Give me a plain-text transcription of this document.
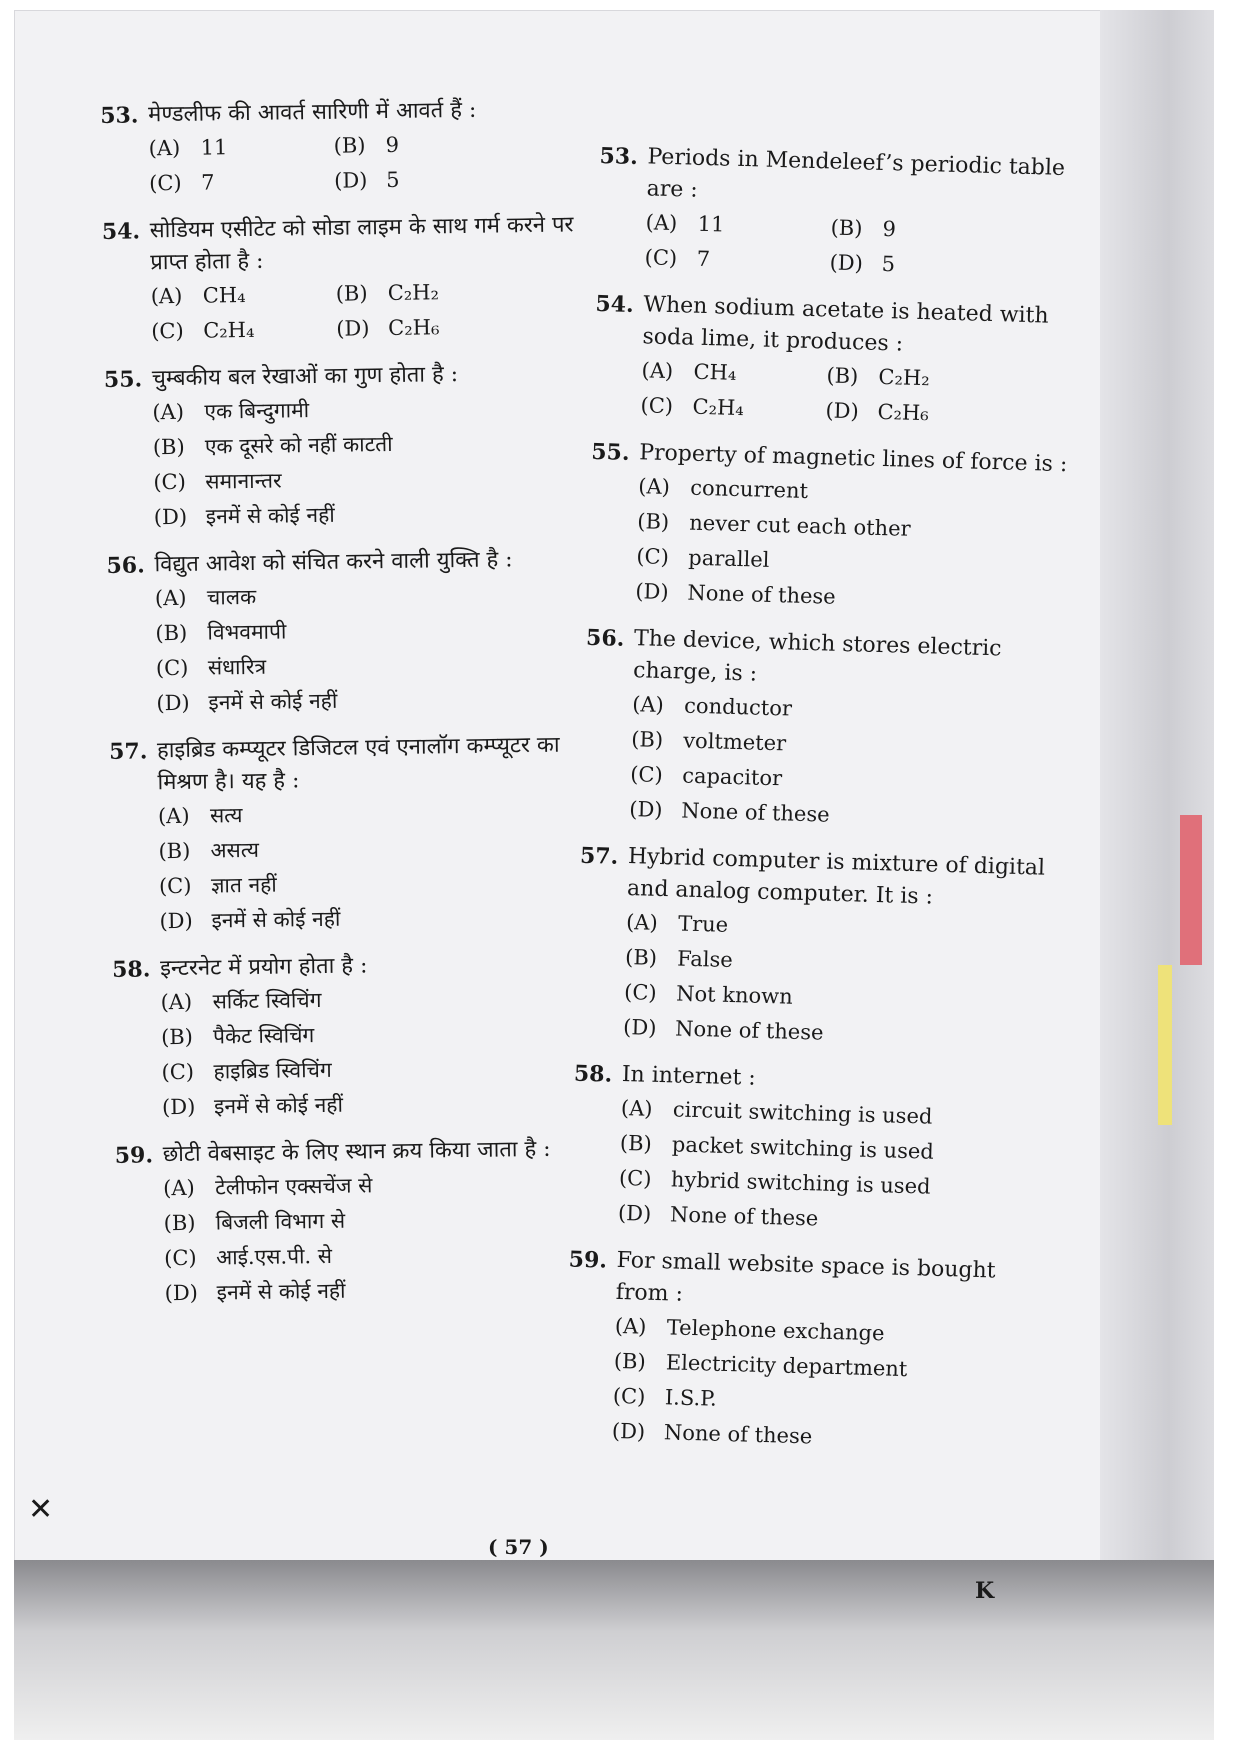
53. मेण्डलीफ की आवर्त सारिणी में आवर्त हैं :
(A) 11	(B) 9
(C) 7	(D) 5
54. सोडियम एसीटेट को सोडा लाइम के साथ गर्म करने पर प्राप्त होता है :
(A) CH₄	(B) C₂H₂
(C) C₂H₄	(D) C₂H₆
55. चुम्बकीय बल रेखाओं का गुण होता है :
(A) एक बिन्दुगामी
(B) एक दूसरे को नहीं काटती
(C) समानान्तर
(D) इनमें से कोई नहीं
56. विद्युत आवेश को संचित करने वाली युक्ति है :
(A) चालक
(B) विभवमापी
(C) संधारित्र
(D) इनमें से कोई नहीं
57. हाइब्रिड कम्प्यूटर डिजिटल एवं एनालॉग कम्प्यूटर का मिश्रण है। यह है :
(A) सत्य
(B) असत्य
(C) ज्ञात नहीं
(D) इनमें से कोई नहीं
58. इन्टरनेट में प्रयोग होता है :
(A) सर्किट स्विचिंग
(B) पैकेट स्विचिंग
(C) हाइब्रिड स्विचिंग
(D) इनमें से कोई नहीं
59. छोटी वेबसाइट के लिए स्थान क्रय किया जाता है :
(A) टेलीफोन एक्सचेंज से
(B) बिजली विभाग से
(C) आई.एस.पी. से
(D) इनमें से कोई नहीं
53. Periods in Mendeleef’s periodic table are :
(A) 11	(B) 9
(C) 7	(D) 5
54. When sodium acetate is heated with soda lime, it produces :
(A) CH₄	(B) C₂H₂
(C) C₂H₄	(D) C₂H₆
55. Property of magnetic lines of force is :
(A) concurrent
(B) never cut each other
(C) parallel
(D) None of these
56. The device, which stores electric charge, is :
(A) conductor
(B) voltmeter
(C) capacitor
(D) None of these
57. Hybrid computer is mixture of digital and analog computer. It is :
(A) True
(B) False
(C) Not known
(D) None of these
58. In internet :
(A) circuit switching is used
(B) packet switching is used
(C) hybrid switching is used
(D) None of these
59. For small website space is bought from :
(A) Telephone exchange
(B) Electricity department
(C) I.S.P.
(D) None of these
( 57 )
K
✕
